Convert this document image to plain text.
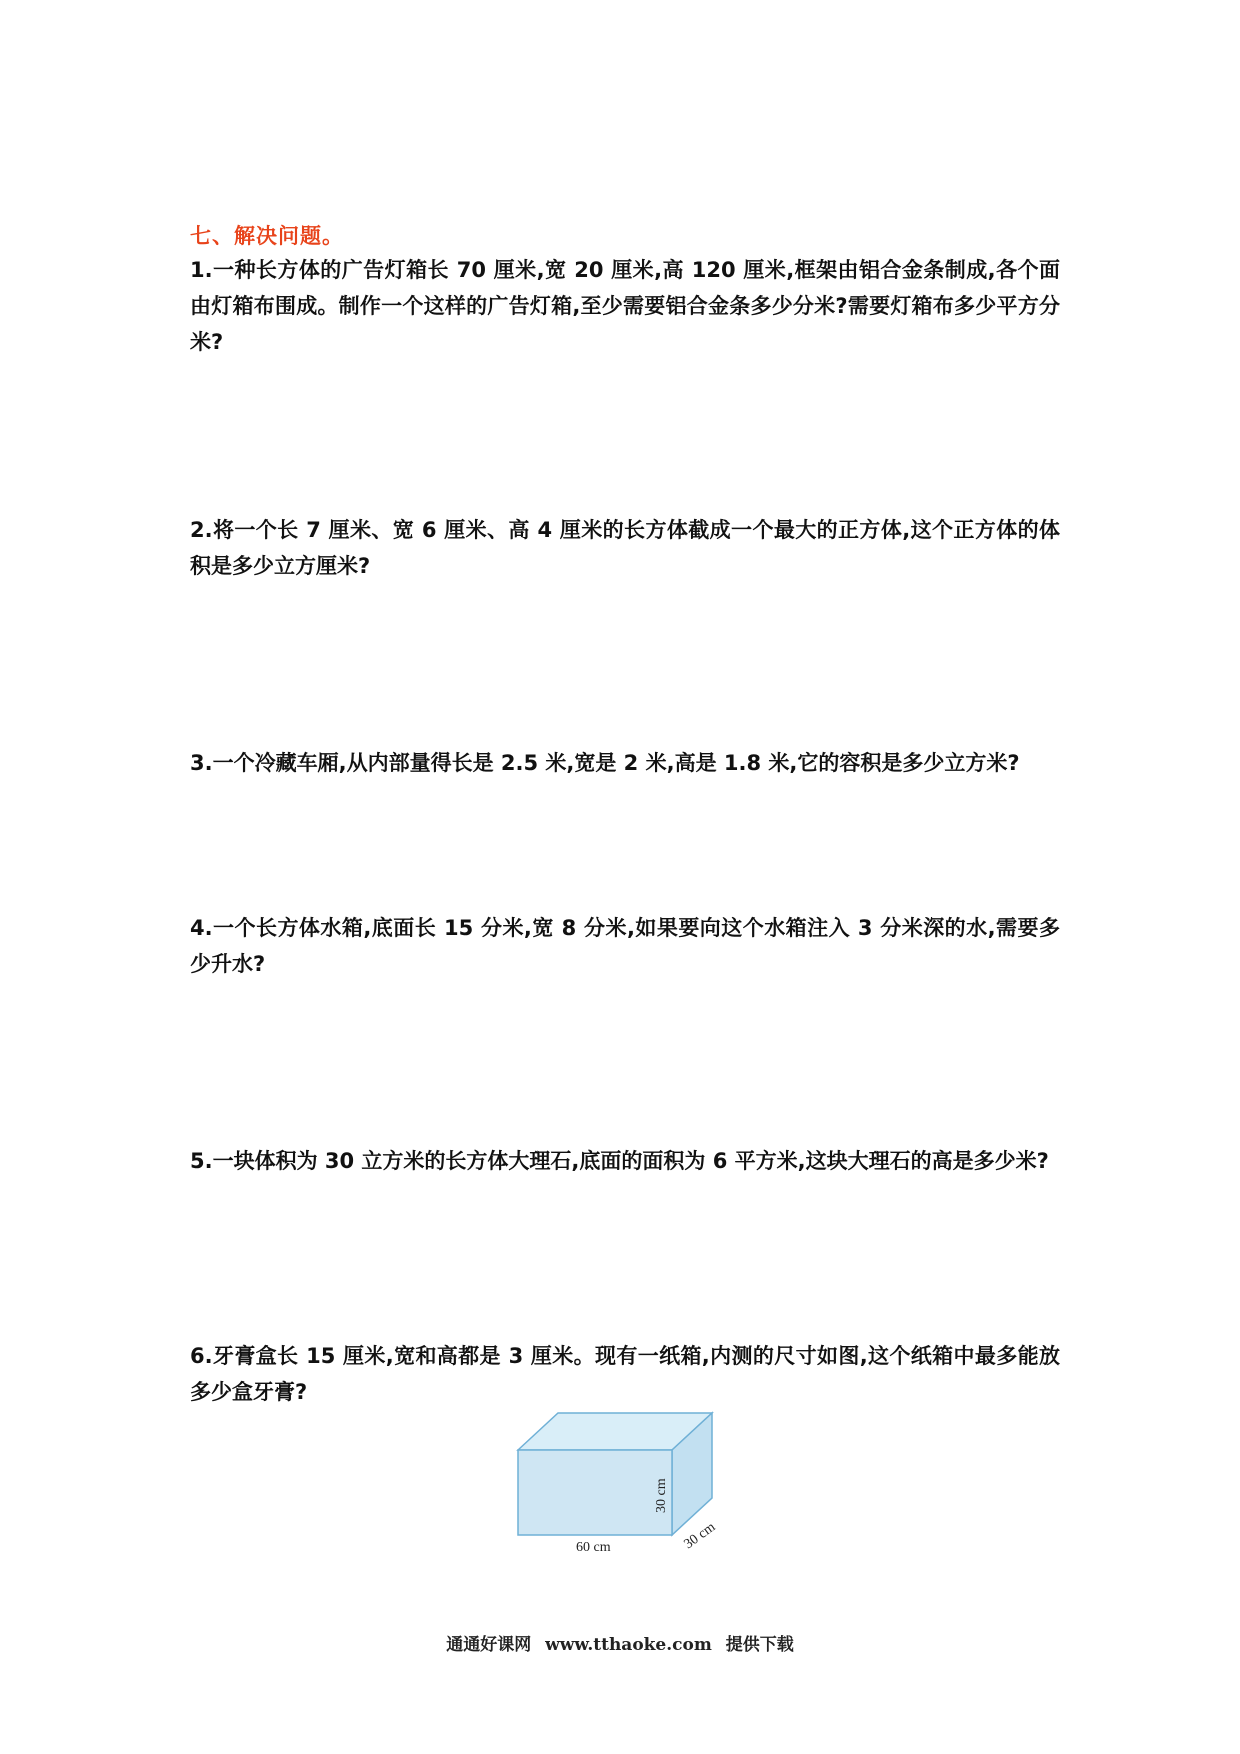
七、解决问题。

1.一种长方体的广告灯箱长 70 厘米,宽 20 厘米,高 120 厘米,框架由铝合金条制成,各个面由灯箱布围成。制作一个这样的广告灯箱,至少需要铝合金条多少分米?需要灯箱布多少平方分米?

2.将一个长 7 厘米、宽 6 厘米、高 4 厘米的长方体截成一个最大的正方体,这个正方体的体积是多少立方厘米?

3.一个冷藏车厢,从内部量得长是 2.5 米,宽是 2 米,高是 1.8 米,它的容积是多少立方米?

4.一个长方体水箱,底面长 15 分米,宽 8 分米,如果要向这个水箱注入 3 分米深的水,需要多少升水?

5.一块体积为 30 立方米的长方体大理石,底面的面积为 6 平方米,这块大理石的高是多少米?

6.牙膏盒长 15 厘米,宽和高都是 3 厘米。现有一纸箱,内测的尺寸如图,这个纸箱中最多能放多少盒牙膏?

60 cm
30 cm
30 cm
通通好课网 www.tthaoke.com 提供下载
